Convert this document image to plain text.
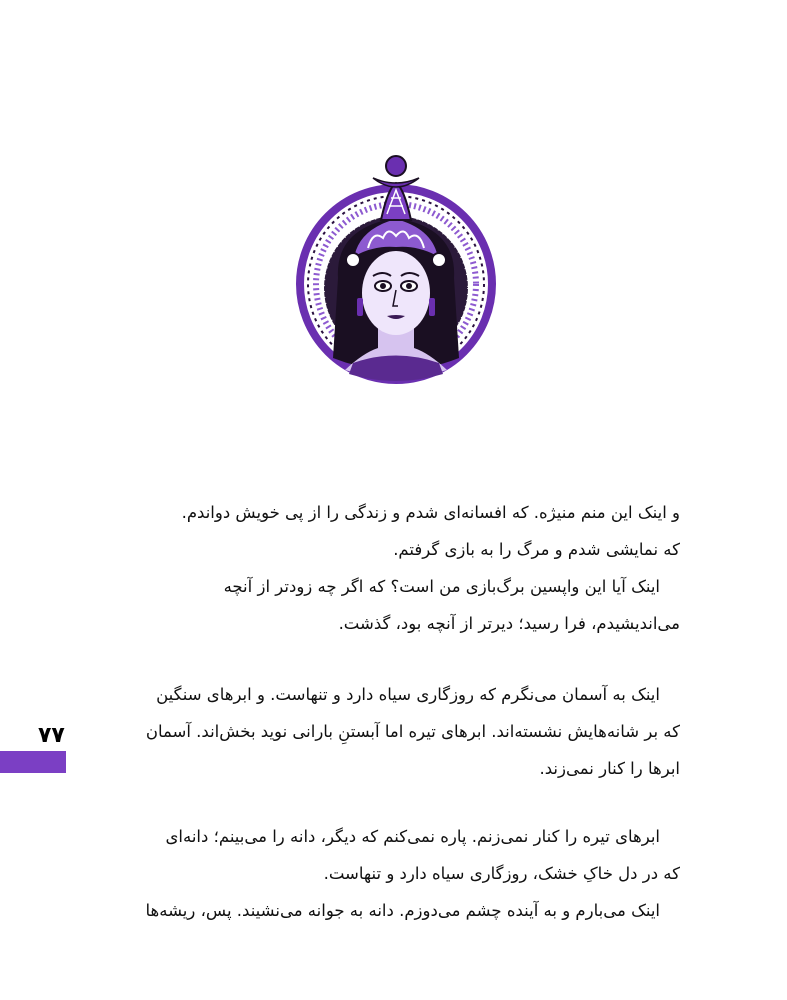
۷۷
و اینک این منم منیژه. که افسانه‌ای شدم و زندگی را از پی خویش دواندم.
که نمایشی شدم و مرگ را به بازی گرفتم.
اینک آیا این واپسین برگ‌بازی من است؟ که اگر چه زودتر از آنچه
می‌اندیشیدم، فرا رسید؛ دیرتر از آنچه بود، گذشت.
اینک به آسمان می‌نگرم که روزگاری سیاه دارد و تنهاست. و ابرهای سنگین
که بر شانه‌هایش نشسته‌اند. ابرهای تیره اما آبستنِ بارانی نوید بخش‌اند. آسمان
ابرها را کنار نمی‌زند.
ابرهای تیره را کنار نمی‌زنم. پاره نمی‌کنم که دیگر، دانه را می‌بینم؛ دانه‌ای
که در دل خاکِ خشک، روزگاری سیاه دارد و تنهاست.
اینک می‌بارم و به آینده چشم می‌دوزم. دانه به جوانه می‌نشیند. پس، ریشه‌ها
